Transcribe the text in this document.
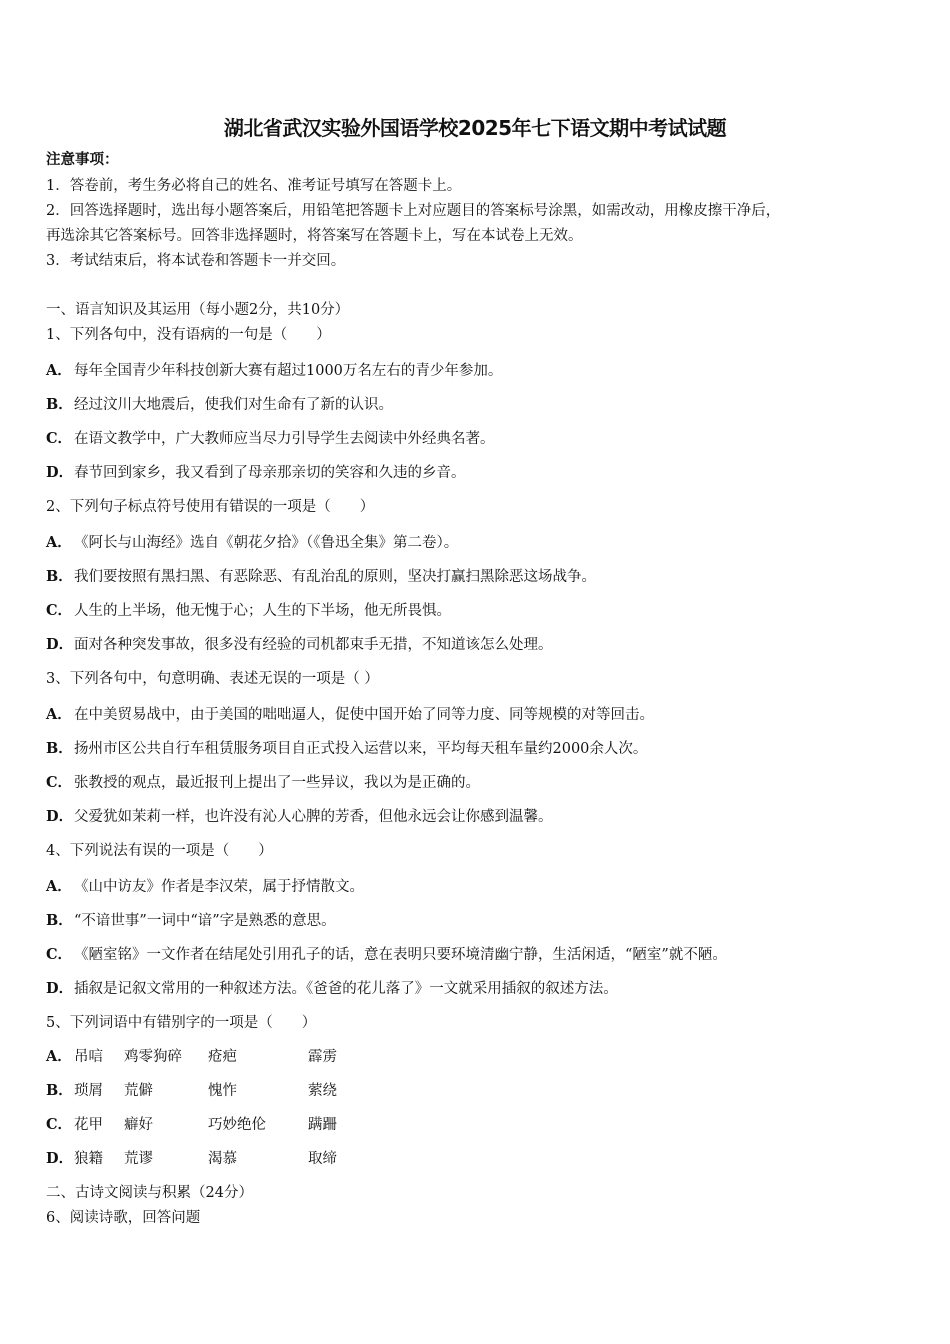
湖北省武汉实验外国语学校2025年七下语文期中考试试题
注意事项：
1．答卷前，考生务必将自己的姓名、准考证号填写在答题卡上。
2．回答选择题时，选出每小题答案后，用铅笔把答题卡上对应题目的答案标号涂黑，如需改动，用橡皮擦干净后，
再选涂其它答案标号。回答非选择题时，将答案写在答题卡上，写在本试卷上无效。
3．考试结束后，将本试卷和答题卡一并交回。
一、语言知识及其运用（每小题2分，共10分）
1、下列各句中，没有语病的一句是（　　）
A． 每年全国青少年科技创新大赛有超过1000万名左右的青少年参加。
B．经过汶川大地震后，使我们对生命有了新的认识。
C． 在语文教学中，广大教师应当尽力引导学生去阅读中外经典名著。
D．春节回到家乡，我又看到了母亲那亲切的笑容和久违的乡音。
2、下列句子标点符号使用有错误的一项是（　　）
A． 《阿长与山海经》选自《朝花夕拾》（《鲁迅全集》第二卷）。
B．我们要按照有黑扫黑、有恶除恶、有乱治乱的原则，坚决打赢扫黑除恶这场战争。
C． 人生的上半场，他无愧于心；人生的下半场，他无所畏惧。
D．面对各种突发事故，很多没有经验的司机都束手无措，不知道该怎么处理。
3、下列各句中，句意明确、表述无误的一项是（ ）
A． 在中美贸易战中，由于美国的咄咄逼人，促使中国开始了同等力度、同等规模的对等回击。
B．扬州市区公共自行车租赁服务项目自正式投入运营以来，平均每天租车量约2000余人次。
C． 张教授的观点，最近报刊上提出了一些异议，我以为是正确的。
D．父爱犹如茉莉一样，也许没有沁人心脾的芳香，但他永远会让你感到温馨。
4、下列说法有误的一项是（　　）
A． 《山中访友》作者是李汉荣，属于抒情散文。
B．“不谙世事”一词中“谙”字是熟悉的意思。
C． 《陋室铭》一文作者在结尾处引用孔子的话，意在表明只要环境清幽宁静，生活闲适，“陋室”就不陋。
D．插叙是记叙文常用的一种叙述方法。《爸爸的花儿落了》一文就采用插叙的叙述方法。
5、下列词语中有错别字的一项是（　　）
A． 吊唁 鸡零狗碎 疮疤	霹雳
B．琐屑 荒僻	愧怍	萦绕
C． 花甲 癖好	巧妙绝伦	蹒跚
D．狼籍 荒谬	渴慕	取缔
二、古诗文阅读与积累（24分）
6、阅读诗歌，回答问题
